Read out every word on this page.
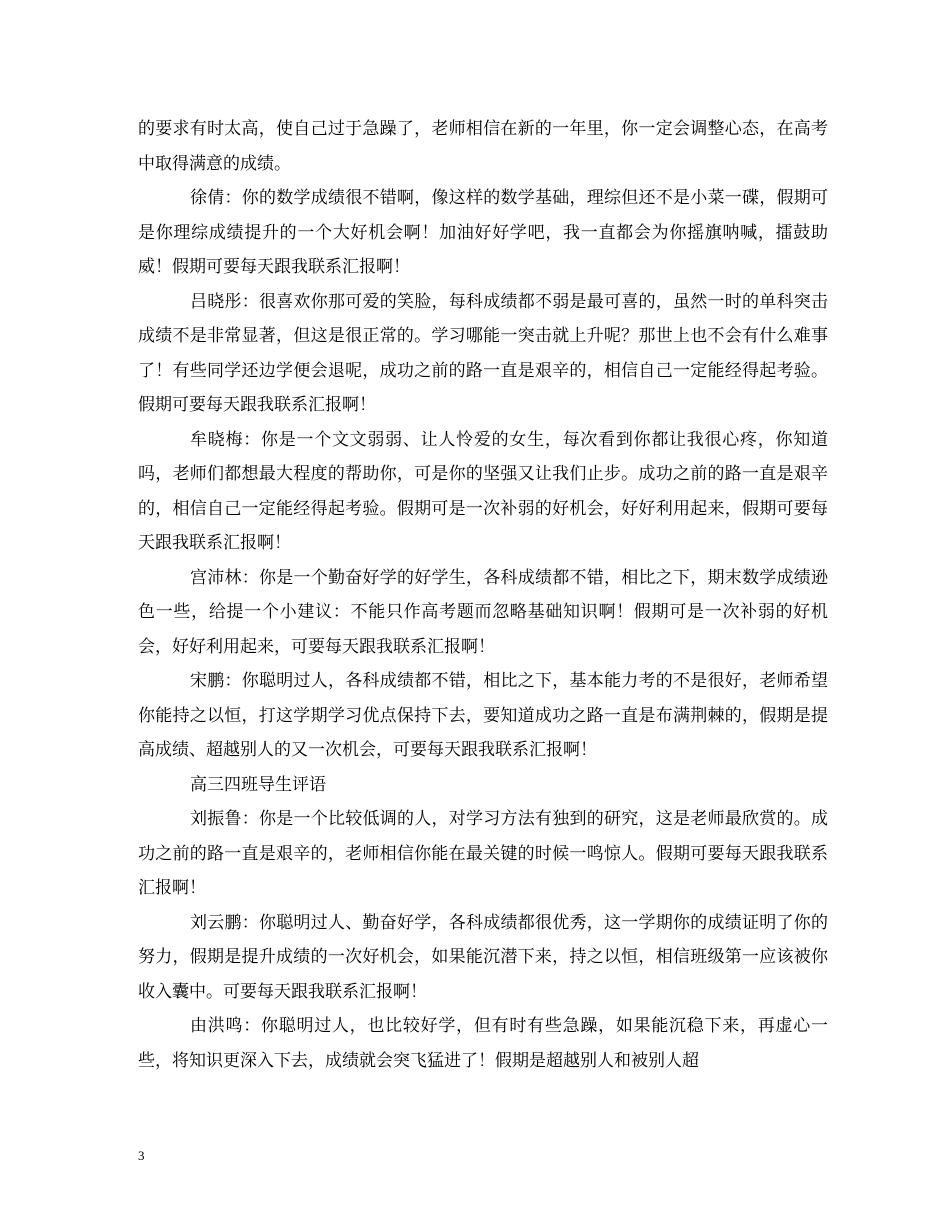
的要求有时太高，使自己过于急躁了，老师相信在新的一年里，你一定会调整心态，在高考中取得满意的成绩。

徐倩：你的数学成绩很不错啊，像这样的数学基础，理综但还不是小菜一碟，假期可是你理综成绩提升的一个大好机会啊！加油好好学吧，我一直都会为你摇旗呐喊，擂鼓助威！假期可要每天跟我联系汇报啊！

吕晓彤：很喜欢你那可爱的笑脸，每科成绩都不弱是最可喜的，虽然一时的单科突击成绩不是非常显著，但这是很正常的。学习哪能一突击就上升呢？那世上也不会有什么难事了！有些同学还边学便会退呢，成功之前的路一直是艰辛的，相信自己一定能经得起考验。假期可要每天跟我联系汇报啊！

牟晓梅：你是一个文文弱弱、让人怜爱的女生，每次看到你都让我很心疼，你知道吗，老师们都想最大程度的帮助你，可是你的坚强又让我们止步。成功之前的路一直是艰辛的，相信自己一定能经得起考验。假期可是一次补弱的好机会，好好利用起来，假期可要每天跟我联系汇报啊！

宫沛林：你是一个勤奋好学的好学生，各科成绩都不错，相比之下，期末数学成绩逊色一些，给提一个小建议：不能只作高考题而忽略基础知识啊！假期可是一次补弱的好机会，好好利用起来，可要每天跟我联系汇报啊！

宋鹏：你聪明过人，各科成绩都不错，相比之下，基本能力考的不是很好，老师希望你能持之以恒，打这学期学习优点保持下去，要知道成功之路一直是布满荆棘的，假期是提高成绩、超越别人的又一次机会，可要每天跟我联系汇报啊！

高三四班导生评语

刘振鲁：你是一个比较低调的人，对学习方法有独到的研究，这是老师最欣赏的。成功之前的路一直是艰辛的，老师相信你能在最关键的时候一鸣惊人。假期可要每天跟我联系汇报啊！

刘云鹏：你聪明过人、勤奋好学，各科成绩都很优秀，这一学期你的成绩证明了你的努力，假期是提升成绩的一次好机会，如果能沉潜下来，持之以恒，相信班级第一应该被你收入囊中。可要每天跟我联系汇报啊！

由洪鸣：你聪明过人，也比较好学，但有时有些急躁，如果能沉稳下来，再虚心一些，将知识更深入下去，成绩就会突飞猛进了！假期是超越别人和被别人超

3
